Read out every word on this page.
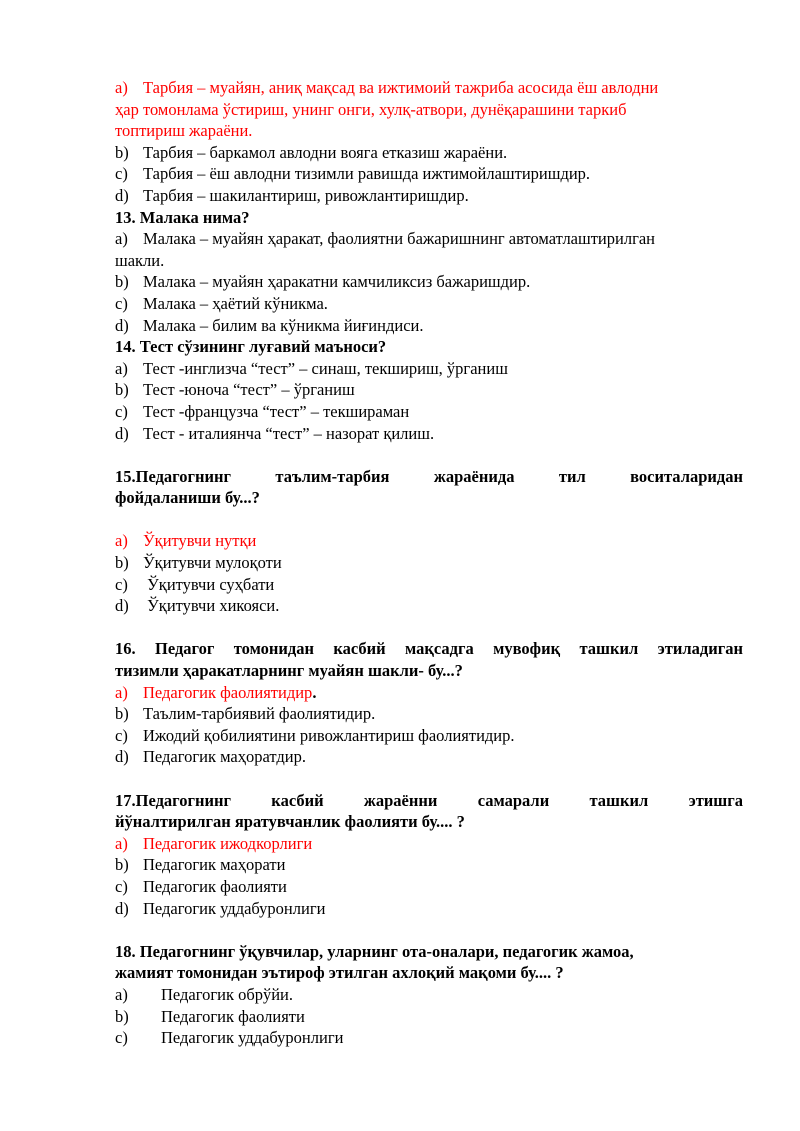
a) Тарбия – муайян, аниқ мақсад ва ижтимоий тажриба асосида ёш авлодни
ҳар томонлама ўстириш, унинг онги, хулқ-атвори, дунёқарашини таркиб
топтириш жараёни.
b) Тарбия – баркамол авлодни вояга етказиш жараёни.
c) Тарбия – ёш авлодни тизимли равишда ижтимойлаштиришдир.
d) Тарбия – шакилантириш, ривожлантиришдир.
13. Малака нима?
a) Малака – муайян ҳаракат, фаолиятни бажаришнинг автоматлаштирилган
шакли.
b) Малака – муайян ҳаракатни камчиликсиз бажаришдир.
c) Малака – ҳаётий кўникма.
d) Малака – билим ва кўникма йиғиндиси.
14. Тест сўзининг луғавий маъноси?
a) Тест -инглизча “тест” – синаш, текшириш, ўрганиш
b) Тест -юноча “тест” – ўрганиш
c) Тест -французча “тест” – текшираман
d) Тест - италиянча “тест” – назорат қилиш.
15.Педагогнинг таълим-тарбия жараёнида тил воситаларидан
фойдаланиши бу...?
a) Ўқитувчи нутқи
b) Ўқитувчи мулоқоти
c) Ўқитувчи суҳбати
d) Ўқитувчи хикояси.
16. Педагог томонидан касбий мақсадга мувофиқ ташкил этиладиган
тизимли ҳаракатларнинг муайян шакли- бу...?
a) Педагогик фаолиятидир.
b) Таълим-тарбиявий фаолиятидир.
c) Ижодий қобилиятини ривожлантириш фаолиятидир.
d) Педагогик маҳоратдир.
17.Педагогнинг касбий жараённи самарали ташкил этишга
йўналтирилган яратувчанлик фаолияти бу.... ?
a) Педагогик ижодкорлиги
b) Педагогик маҳорати
c) Педагогик фаолияти
d) Педагогик уддабуронлиги
18. Педагогнинг ўқувчилар, уларнинг ота-оналари, педагогик жамоа,
жамият томонидан эътироф этилган ахлоқий мақоми бу.... ?
a) Педагогик обрўйи.
b) Педагогик фаолияти
c) Педагогик уддабуронлиги
